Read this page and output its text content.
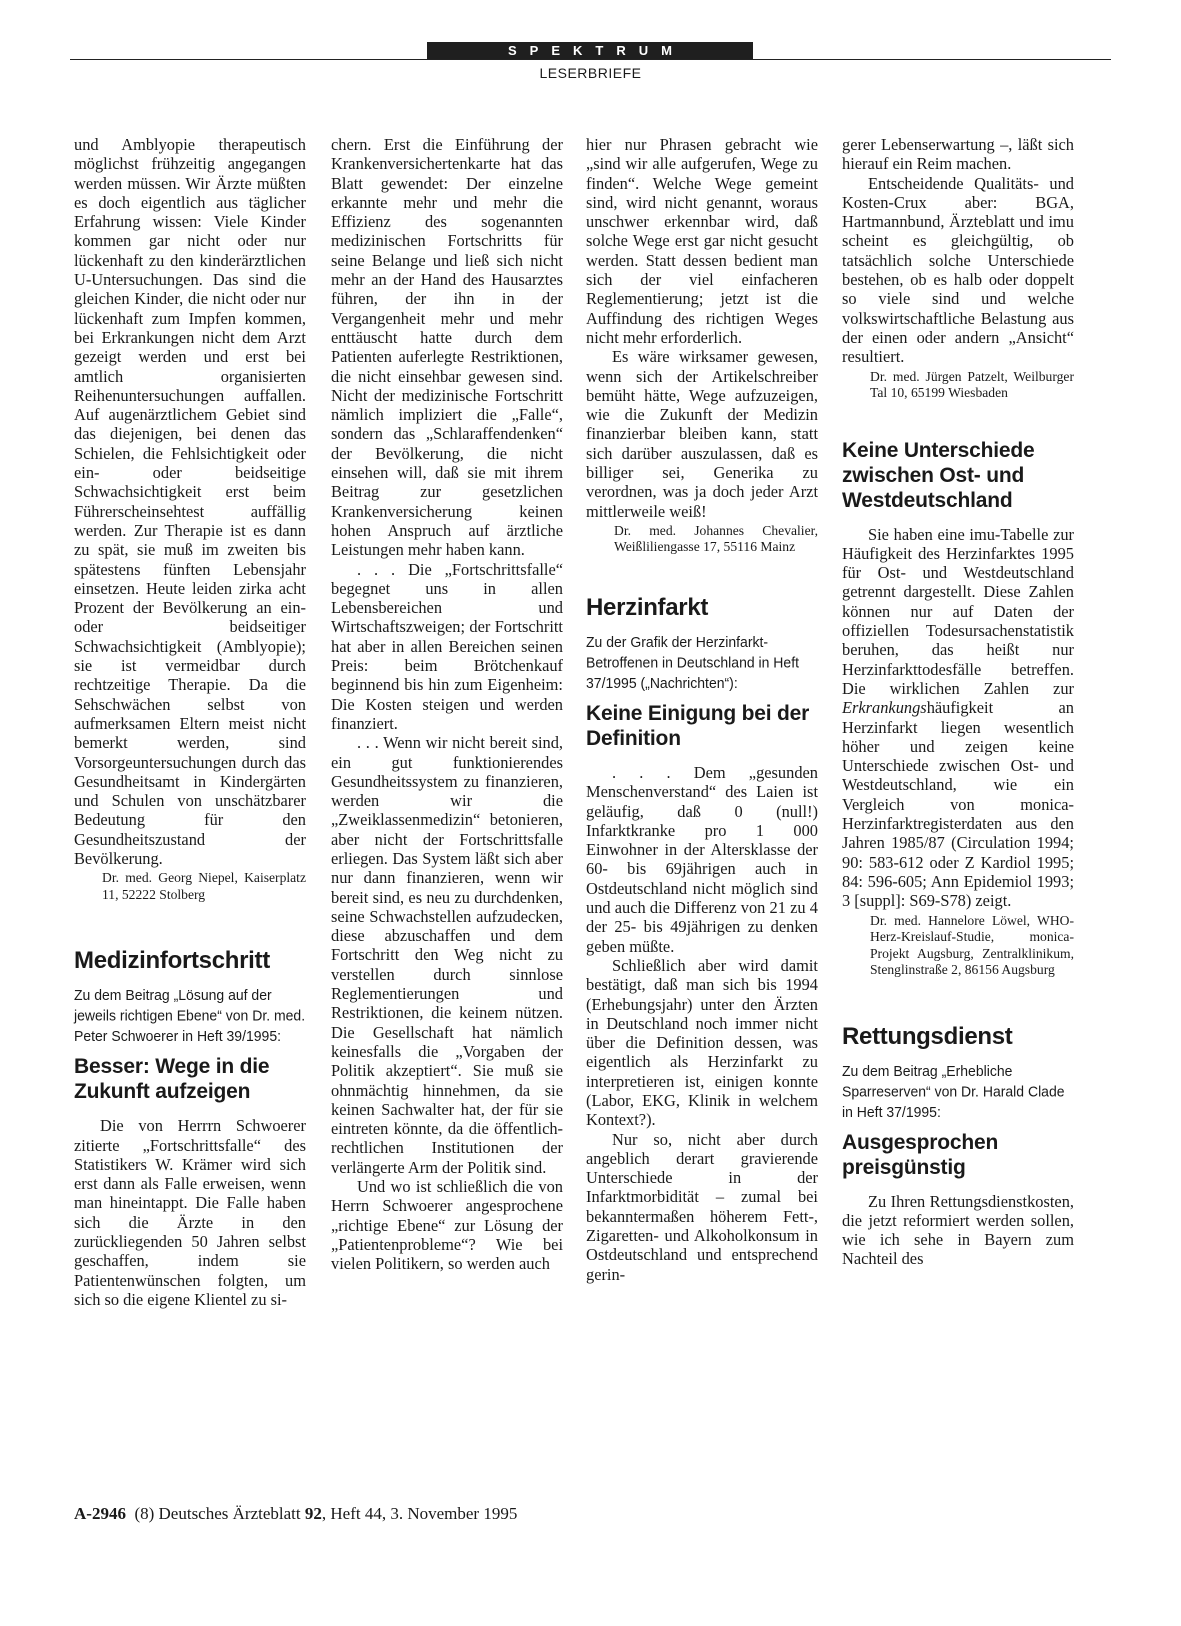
SPEKTRUM
LESERBRIEFE

und Amblyopie therapeutisch möglichst frühzeitig angegangen werden müssen. Wir Ärzte müßten es doch eigentlich aus täglicher Erfahrung wissen: Viele Kinder kommen gar nicht oder nur lückenhaft zu den kinderärztlichen U-Untersuchungen. Das sind die gleichen Kinder, die nicht oder nur lückenhaft zum Impfen kommen, bei Erkrankungen nicht dem Arzt gezeigt werden und erst bei amtlich organisierten Reihenuntersuchungen auffallen. Auf augenärztlichem Gebiet sind das diejenigen, bei denen das Schielen, die Fehlsichtigkeit oder ein- oder beidseitige Schwachsichtigkeit erst beim Führerscheinsehtest auffällig werden. Zur Therapie ist es dann zu spät, sie muß im zweiten bis spätestens fünften Lebensjahr einsetzen. Heute leiden zirka acht Prozent der Bevölkerung an ein- oder beidseitiger Schwachsichtigkeit (Amblyopie); sie ist vermeidbar durch rechtzeitige Therapie. Da die Sehschwächen selbst von aufmerksamen Eltern meist nicht bemerkt werden, sind Vorsorgeuntersuchungen durch das Gesundheitsamt in Kindergärten und Schulen von unschätzbarer Bedeutung für den Gesundheitszustand der Bevölkerung.

Dr. med. Georg Niepel, Kaiserplatz 11, 52222 Stolberg
Medizinfortschritt
Zu dem Beitrag „Lösung auf der jeweils richtigen Ebene“ von Dr. med. Peter Schwoerer in Heft 39/1995:
Besser: Wege in die Zukunft aufzeigen

Die von Herrrn Schwoerer zitierte „Fortschrittsfalle“ des Statistikers W. Krämer wird sich erst dann als Falle erweisen, wenn man hineintappt. Die Falle haben sich die Ärzte in den zurückliegenden 50 Jahren selbst geschaffen, indem sie Patientenwünschen folgten, um sich so die eigene Klientel zu si-

chern. Erst die Einführung der Krankenversichertenkarte hat das Blatt gewendet: Der einzelne erkannte mehr und mehr die Effizienz des sogenannten medizinischen Fortschritts für seine Belange und ließ sich nicht mehr an der Hand des Hausarztes führen, der ihn in der Vergangenheit mehr und mehr enttäuscht hatte durch dem Patienten auferlegte Restriktionen, die nicht einsehbar gewesen sind. Nicht der medizinische Fortschritt nämlich impliziert die „Falle“, sondern das „Schlaraffendenken“ der Bevölkerung, die nicht einsehen will, daß sie mit ihrem Beitrag zur gesetzlichen Krankenversicherung keinen hohen Anspruch auf ärztliche Leistungen mehr haben kann.

. . . Die „Fortschrittsfalle“ begegnet uns in allen Lebensbereichen und Wirtschaftszweigen; der Fortschritt hat aber in allen Bereichen seinen Preis: beim Brötchenkauf beginnend bis hin zum Eigenheim: Die Kosten steigen und werden finanziert.

. . . Wenn wir nicht bereit sind, ein gut funktionierendes Gesundheitssystem zu finanzieren, werden wir die „Zweiklassenmedizin“ betonieren, aber nicht der Fortschrittsfalle erliegen. Das System läßt sich aber nur dann finanzieren, wenn wir bereit sind, es neu zu durchdenken, seine Schwachstellen aufzudecken, diese abzuschaffen und dem Fortschritt den Weg nicht zu verstellen durch sinnlose Reglementierungen und Restriktionen, die keinem nützen. Die Gesellschaft hat nämlich keinesfalls die „Vorgaben der Politik akzeptiert“. Sie muß sie ohnmächtig hinnehmen, da sie keinen Sachwalter hat, der für sie eintreten könnte, da die öffentlich-rechtlichen Institutionen der verlängerte Arm der Politik sind.

Und wo ist schließlich die von Herrn Schwoerer angesprochene „richtige Ebene“ zur Lösung der „Patientenprobleme“? Wie bei vielen Politikern, so werden auch

hier nur Phrasen gebracht wie „sind wir alle aufgerufen, Wege zu finden“. Welche Wege gemeint sind, wird nicht genannt, woraus unschwer erkennbar wird, daß solche Wege erst gar nicht gesucht werden. Statt dessen bedient man sich der viel einfacheren Reglementierung; jetzt ist die Auffindung des richtigen Weges nicht mehr erforderlich.

Es wäre wirksamer gewesen, wenn sich der Artikelschreiber bemüht hätte, Wege aufzuzeigen, wie die Zukunft der Medizin finanzierbar bleiben kann, statt sich darüber auszulassen, daß es billiger sei, Generika zu verordnen, was ja doch jeder Arzt mittlerweile weiß!

Dr. med. Johannes Chevalier, Weißliliengasse 17, 55116 Mainz
Herzinfarkt
Zu der Grafik der Herzinfarkt-Betroffenen in Deutschland in Heft 37/1995 („Nachrichten“):
Keine Einigung bei der Definition

. . . Dem „gesunden Menschenverstand“ des Laien ist geläufig, daß 0 (null!) Infarktkranke pro 1 000 Einwohner in der Altersklasse der 60- bis 69jährigen auch in Ostdeutschland nicht möglich sind und auch die Differenz von 21 zu 4 der 25- bis 49jährigen zu denken geben müßte.

Schließlich aber wird damit bestätigt, daß man sich bis 1994 (Erhebungsjahr) unter den Ärzten in Deutschland noch immer nicht über die Definition dessen, was eigentlich als Herzinfarkt zu interpretieren ist, einigen konnte (Labor, EKG, Klinik in welchem Kontext?).

Nur so, nicht aber durch angeblich derart gravierende Unterschiede in der Infarktmorbidität – zumal bei bekanntermaßen höherem Fett-, Zigaretten- und Alkoholkonsum in Ostdeutschland und entsprechend gerin-

gerer Lebenserwartung –, läßt sich hierauf ein Reim machen.

Entscheidende Qualitäts- und Kosten-Crux aber: BGA, Hartmannbund, Ärzteblatt und imu scheint es gleichgültig, ob tatsächlich solche Unterschiede bestehen, ob es halb oder doppelt so viele sind und welche volkswirtschaftliche Belastung aus der einen oder andern „Ansicht“ resultiert.

Dr. med. Jürgen Patzelt, Weilburger Tal 10, 65199 Wiesbaden
Keine Unterschiede zwischen Ost- und Westdeutschland

Sie haben eine imu-Tabelle zur Häufigkeit des Herzinfarktes 1995 für Ost- und Westdeutschland getrennt dargestellt. Diese Zahlen können nur auf Daten der offiziellen Todesursachenstatistik beruhen, das heißt nur Herzinfarkttodesfälle betreffen. Die wirklichen Zahlen zur Erkrankungshäufigkeit an Herzinfarkt liegen wesentlich höher und zeigen keine Unterschiede zwischen Ost- und Westdeutschland, wie ein Vergleich von monica-Herzinfarktregisterdaten aus den Jahren 1985/87 (Circulation 1994; 90: 583-612 oder Z Kardiol 1995; 84: 596-605; Ann Epidemiol 1993; 3 [suppl]: S69-S78) zeigt.

Dr. med. Hannelore Löwel, WHO-Herz-Kreislauf-Studie, monica-Projekt Augsburg, Zentralklinikum, Stenglinstraße 2, 86156 Augsburg
Rettungsdienst
Zu dem Beitrag „Erhebliche Sparreserven“ von Dr. Harald Clade in Heft 37/1995:
Ausgesprochen preisgünstig

Zu Ihren Rettungsdienstkosten, die jetzt reformiert werden sollen, wie ich sehe in Bayern zum Nachteil des

A-2946 (8) Deutsches Ärzteblatt 92, Heft 44, 3. November 1995
